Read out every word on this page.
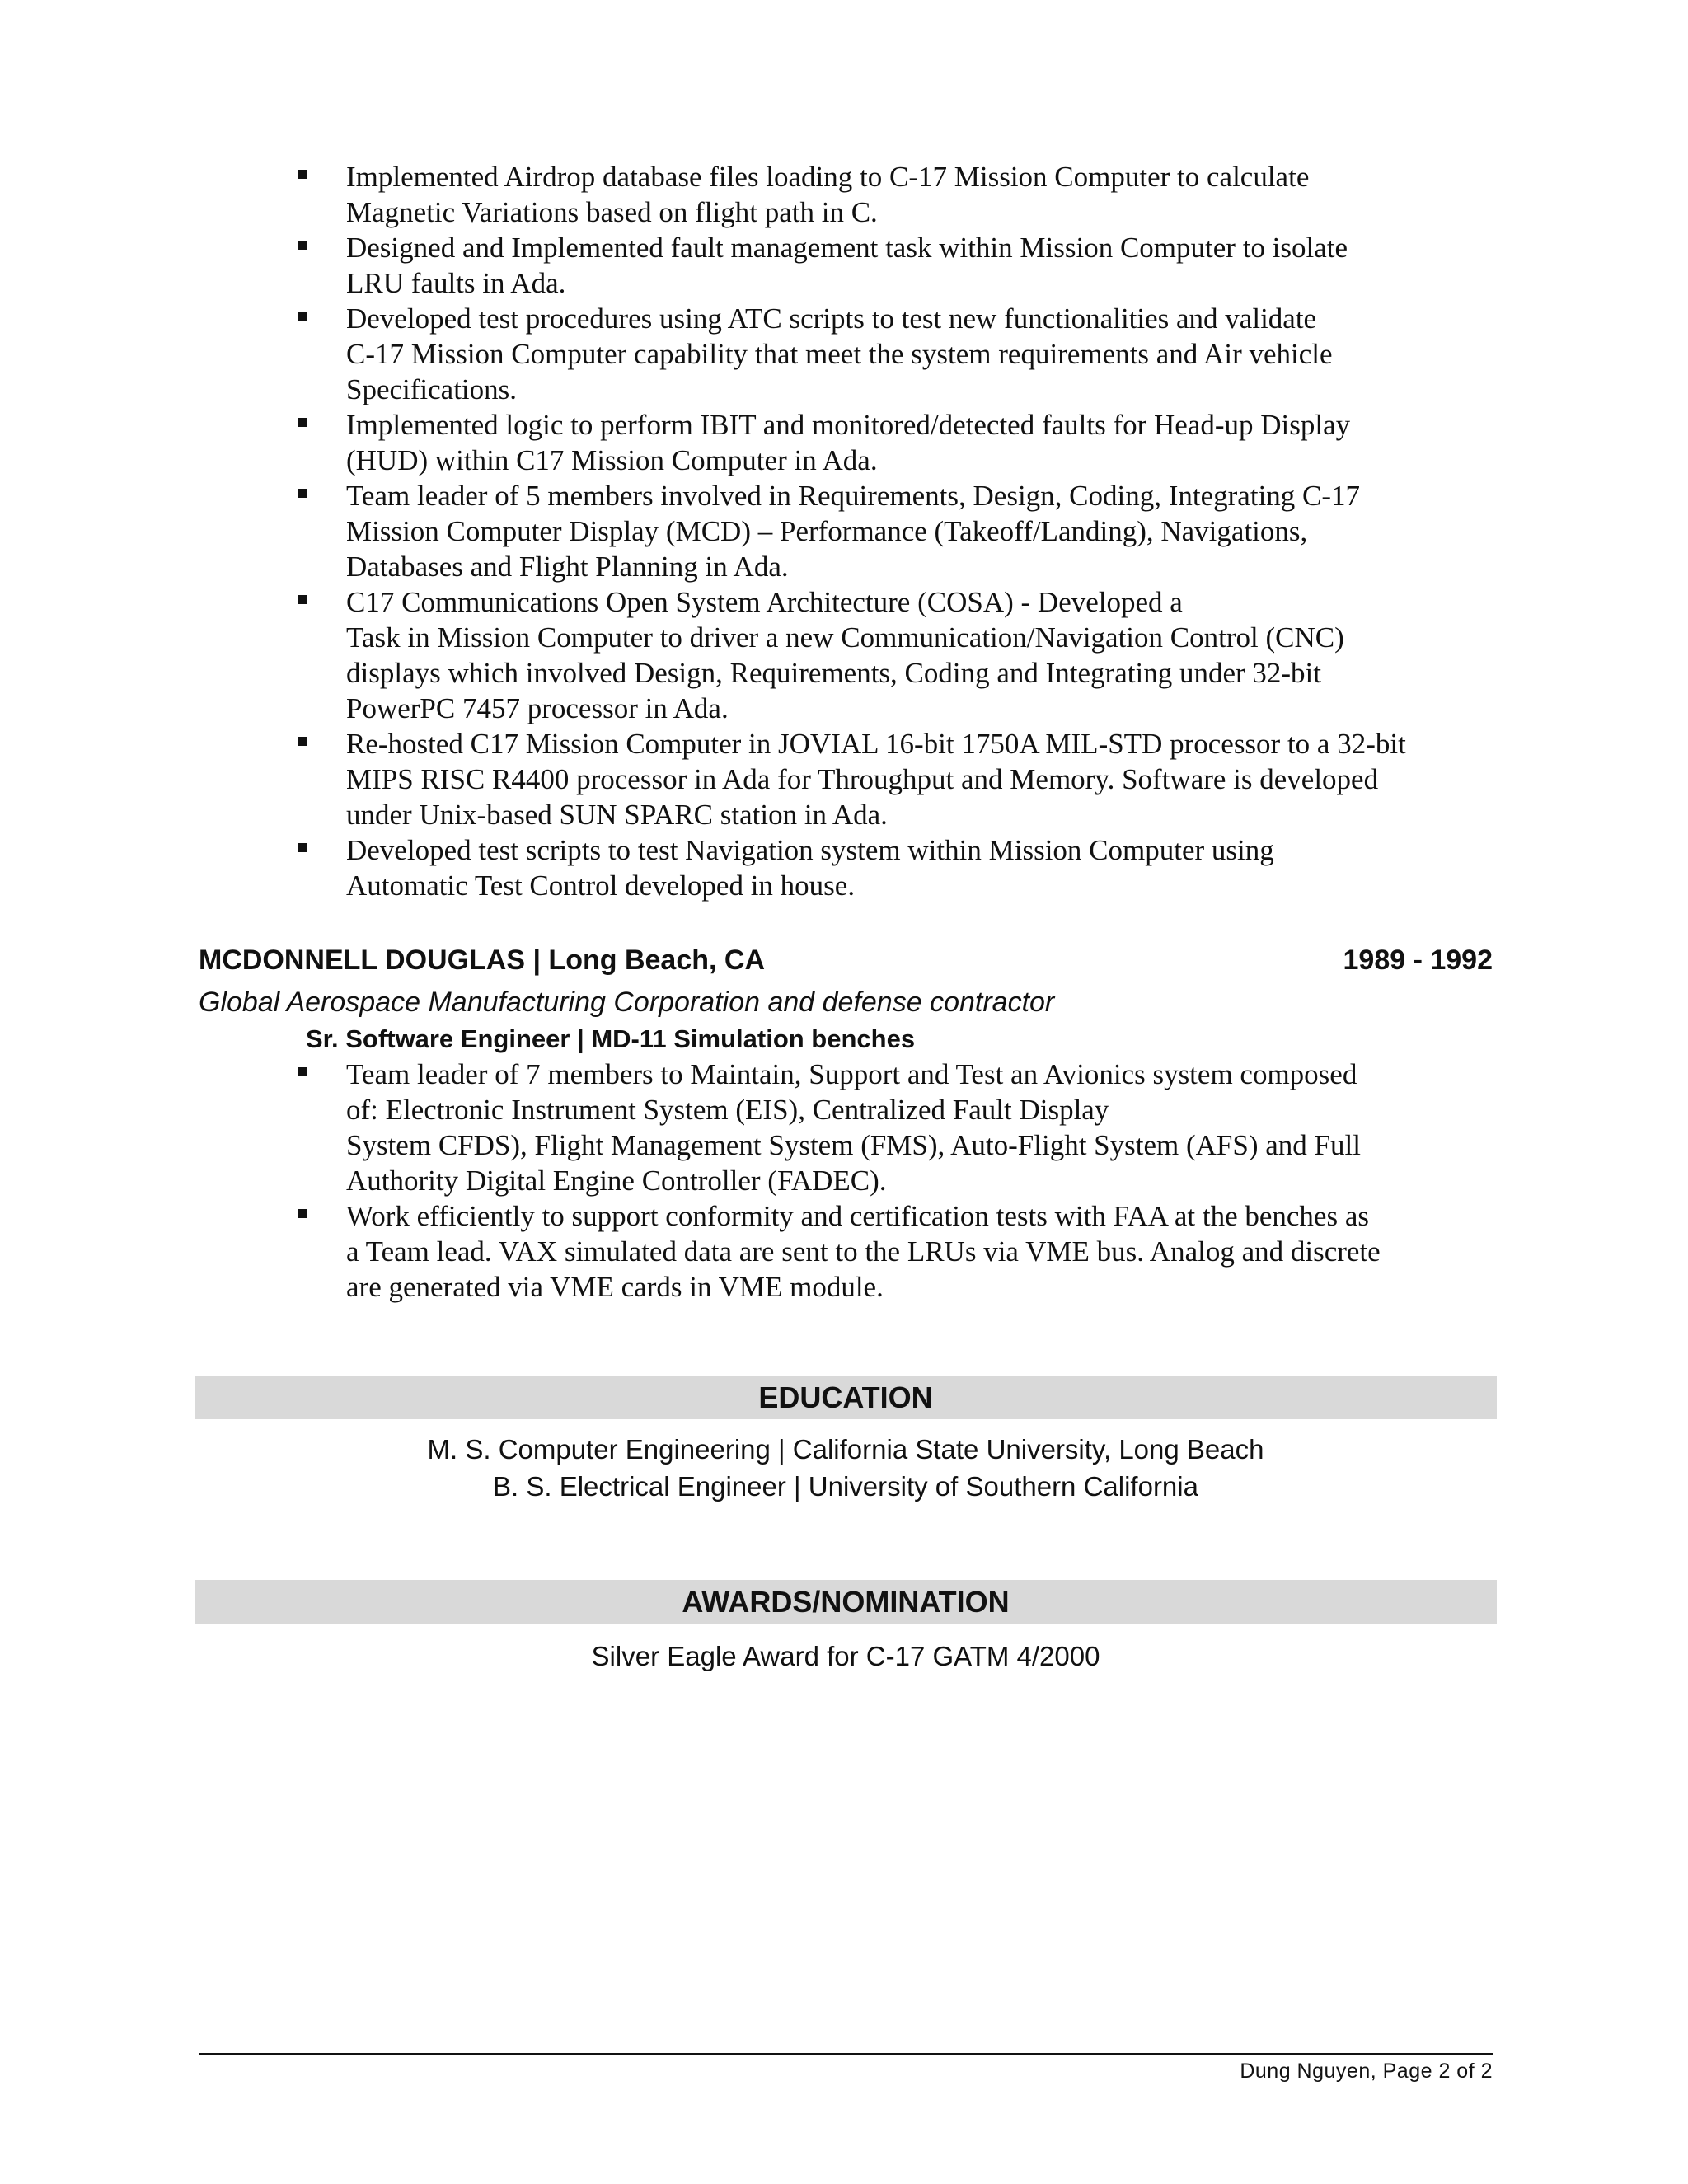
Implemented Airdrop database files loading to C-17 Mission Computer to calculate
Magnetic Variations based on flight path in C.
Designed and Implemented fault management task within Mission Computer to isolate
LRU faults in Ada.
Developed test procedures using ATC scripts to test new functionalities and validate
C-17 Mission Computer capability that meet the system requirements and Air vehicle
Specifications.
Implemented logic to perform IBIT and monitored/detected faults for Head-up Display
(HUD) within C17 Mission Computer in Ada.
Team leader of 5 members involved in Requirements, Design, Coding, Integrating C-17
Mission Computer Display (MCD) – Performance (Takeoff/Landing), Navigations,
Databases and Flight Planning in Ada.
C17 Communications Open System Architecture (COSA) - Developed a
Task in Mission Computer to driver a new Communication/Navigation Control (CNC)
displays which involved Design, Requirements, Coding and Integrating under 32-bit
PowerPC 7457 processor in Ada.
Re-hosted C17 Mission Computer in JOVIAL 16-bit 1750A MIL-STD processor to a 32-bit
MIPS RISC R4400 processor in Ada for Throughput and Memory. Software is developed
under Unix-based SUN SPARC station in Ada.
Developed test scripts to test Navigation system within Mission Computer using
Automatic Test Control developed in house.
MCDONNELL DOUGLAS | Long Beach, CA	1989 - 1992
Global Aerospace Manufacturing Corporation and defense contractor
Sr. Software Engineer | MD-11 Simulation benches
Team leader of 7 members to Maintain, Support and Test an Avionics system composed
of: Electronic Instrument System (EIS), Centralized Fault Display
System CFDS), Flight Management System (FMS), Auto-Flight System (AFS) and Full
Authority Digital Engine Controller (FADEC).
Work efficiently to support conformity and certification tests with FAA at the benches as
a Team lead. VAX simulated data are sent to the LRUs via VME bus. Analog and discrete
are generated via VME cards in VME module.
EDUCATION
M. S. Computer Engineering | California State University, Long Beach
B. S. Electrical Engineer | University of Southern California
AWARDS/NOMINATION
Silver Eagle Award for C-17 GATM 4/2000
Dung Nguyen, Page 2 of 2
